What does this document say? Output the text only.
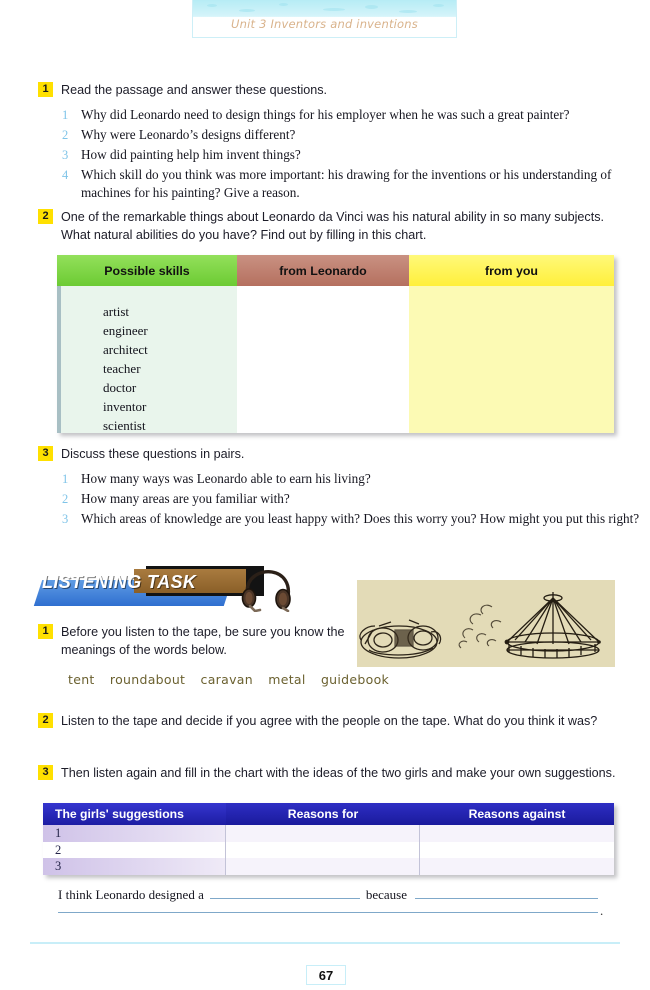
Unit 3 Inventors and inventions
1 Read the passage and answer these questions.
1 Why did Leonardo need to design things for his employer when he was such a great painter?
2 Why were Leonardo’s designs different?
3 How did painting help him invent things?
4 Which skill do you think was more important: his drawing for the inventions or his understanding of machines for his painting? Give a reason.
2 One of the remarkable things about Leonardo da Vinci was his natural ability in so many subjects. What natural abilities do you have? Find out by filling in this chart.
Possible skills	from Leonardo	from you
artist
engineer
architect
teacher
doctor
inventor
scientist
3 Discuss these questions in pairs.
1 How many ways was Leonardo able to earn his living?
2 How many areas are you familiar with?
3 Which areas of knowledge are you least happy with? Does this worry you? How might you put this right?
LISTENING TASK
1 Before you listen to the tape, be sure you know the meanings of the words below.
tent roundabout caravan metal guidebook
2 Listen to the tape and decide if you agree with the people on the tape. What do you think it was?
3 Then listen again and fill in the chart with the ideas of the two girls and make your own suggestions.
The girls' suggestions	Reasons for	Reasons against
1
2
3
I think Leonardo designed a	because
.
67
